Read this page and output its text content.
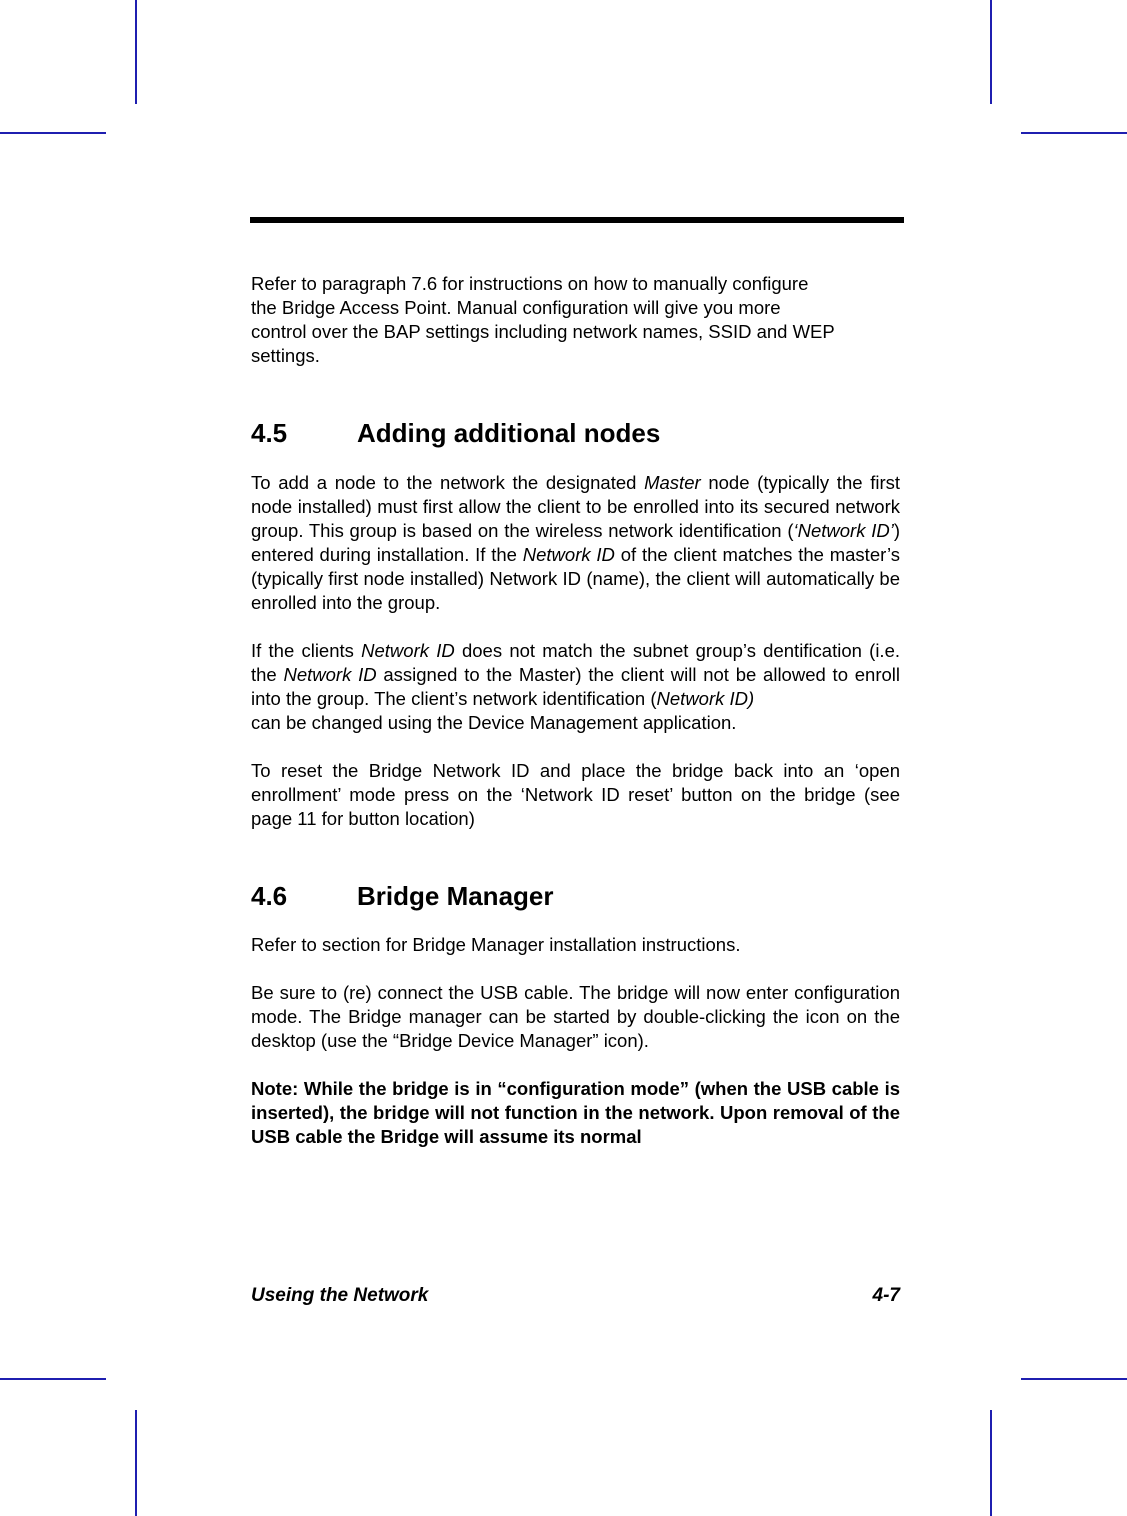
Refer to paragraph 7.6 for instructions on how to manually configure
the Bridge Access Point. Manual configuration will give you more
control over the BAP settings including network names, SSID and WEP
settings.

4.5	Adding additional nodes

To add a node to the network the designated Master node (typically the first node installed) must first allow the client to be enrolled into its secured network group. This group is based on the wireless network identification (‘Network ID’) entered during installation. If the Network ID of the client matches the master’s (typically first node installed) Network ID (name), the client will automatically be enrolled into the group.

If the clients Network ID does not match the subnet group’s dentification (i.e. the Network ID assigned to the Master) the client will not be allowed to enroll into the group. The client’s network identification (Network ID)
can be changed using the Device Management application.

To reset the Bridge Network ID and place the bridge back into an ‘open enrollment’ mode press on the ‘Network ID reset’ button on the bridge (see page 11 for button location)

4.6	Bridge Manager

Refer to section for Bridge Manager installation instructions.

Be sure to (re) connect the USB cable. The bridge will now enter configuration mode. The Bridge manager can be started by double-clicking the icon on the desktop (use the “Bridge Device Manager” icon).

Note: While the bridge is in “configuration mode” (when the USB cable is inserted), the bridge will not function in the network. Upon removal of the USB cable the Bridge will assume its normal

Useing the Network	4-7
